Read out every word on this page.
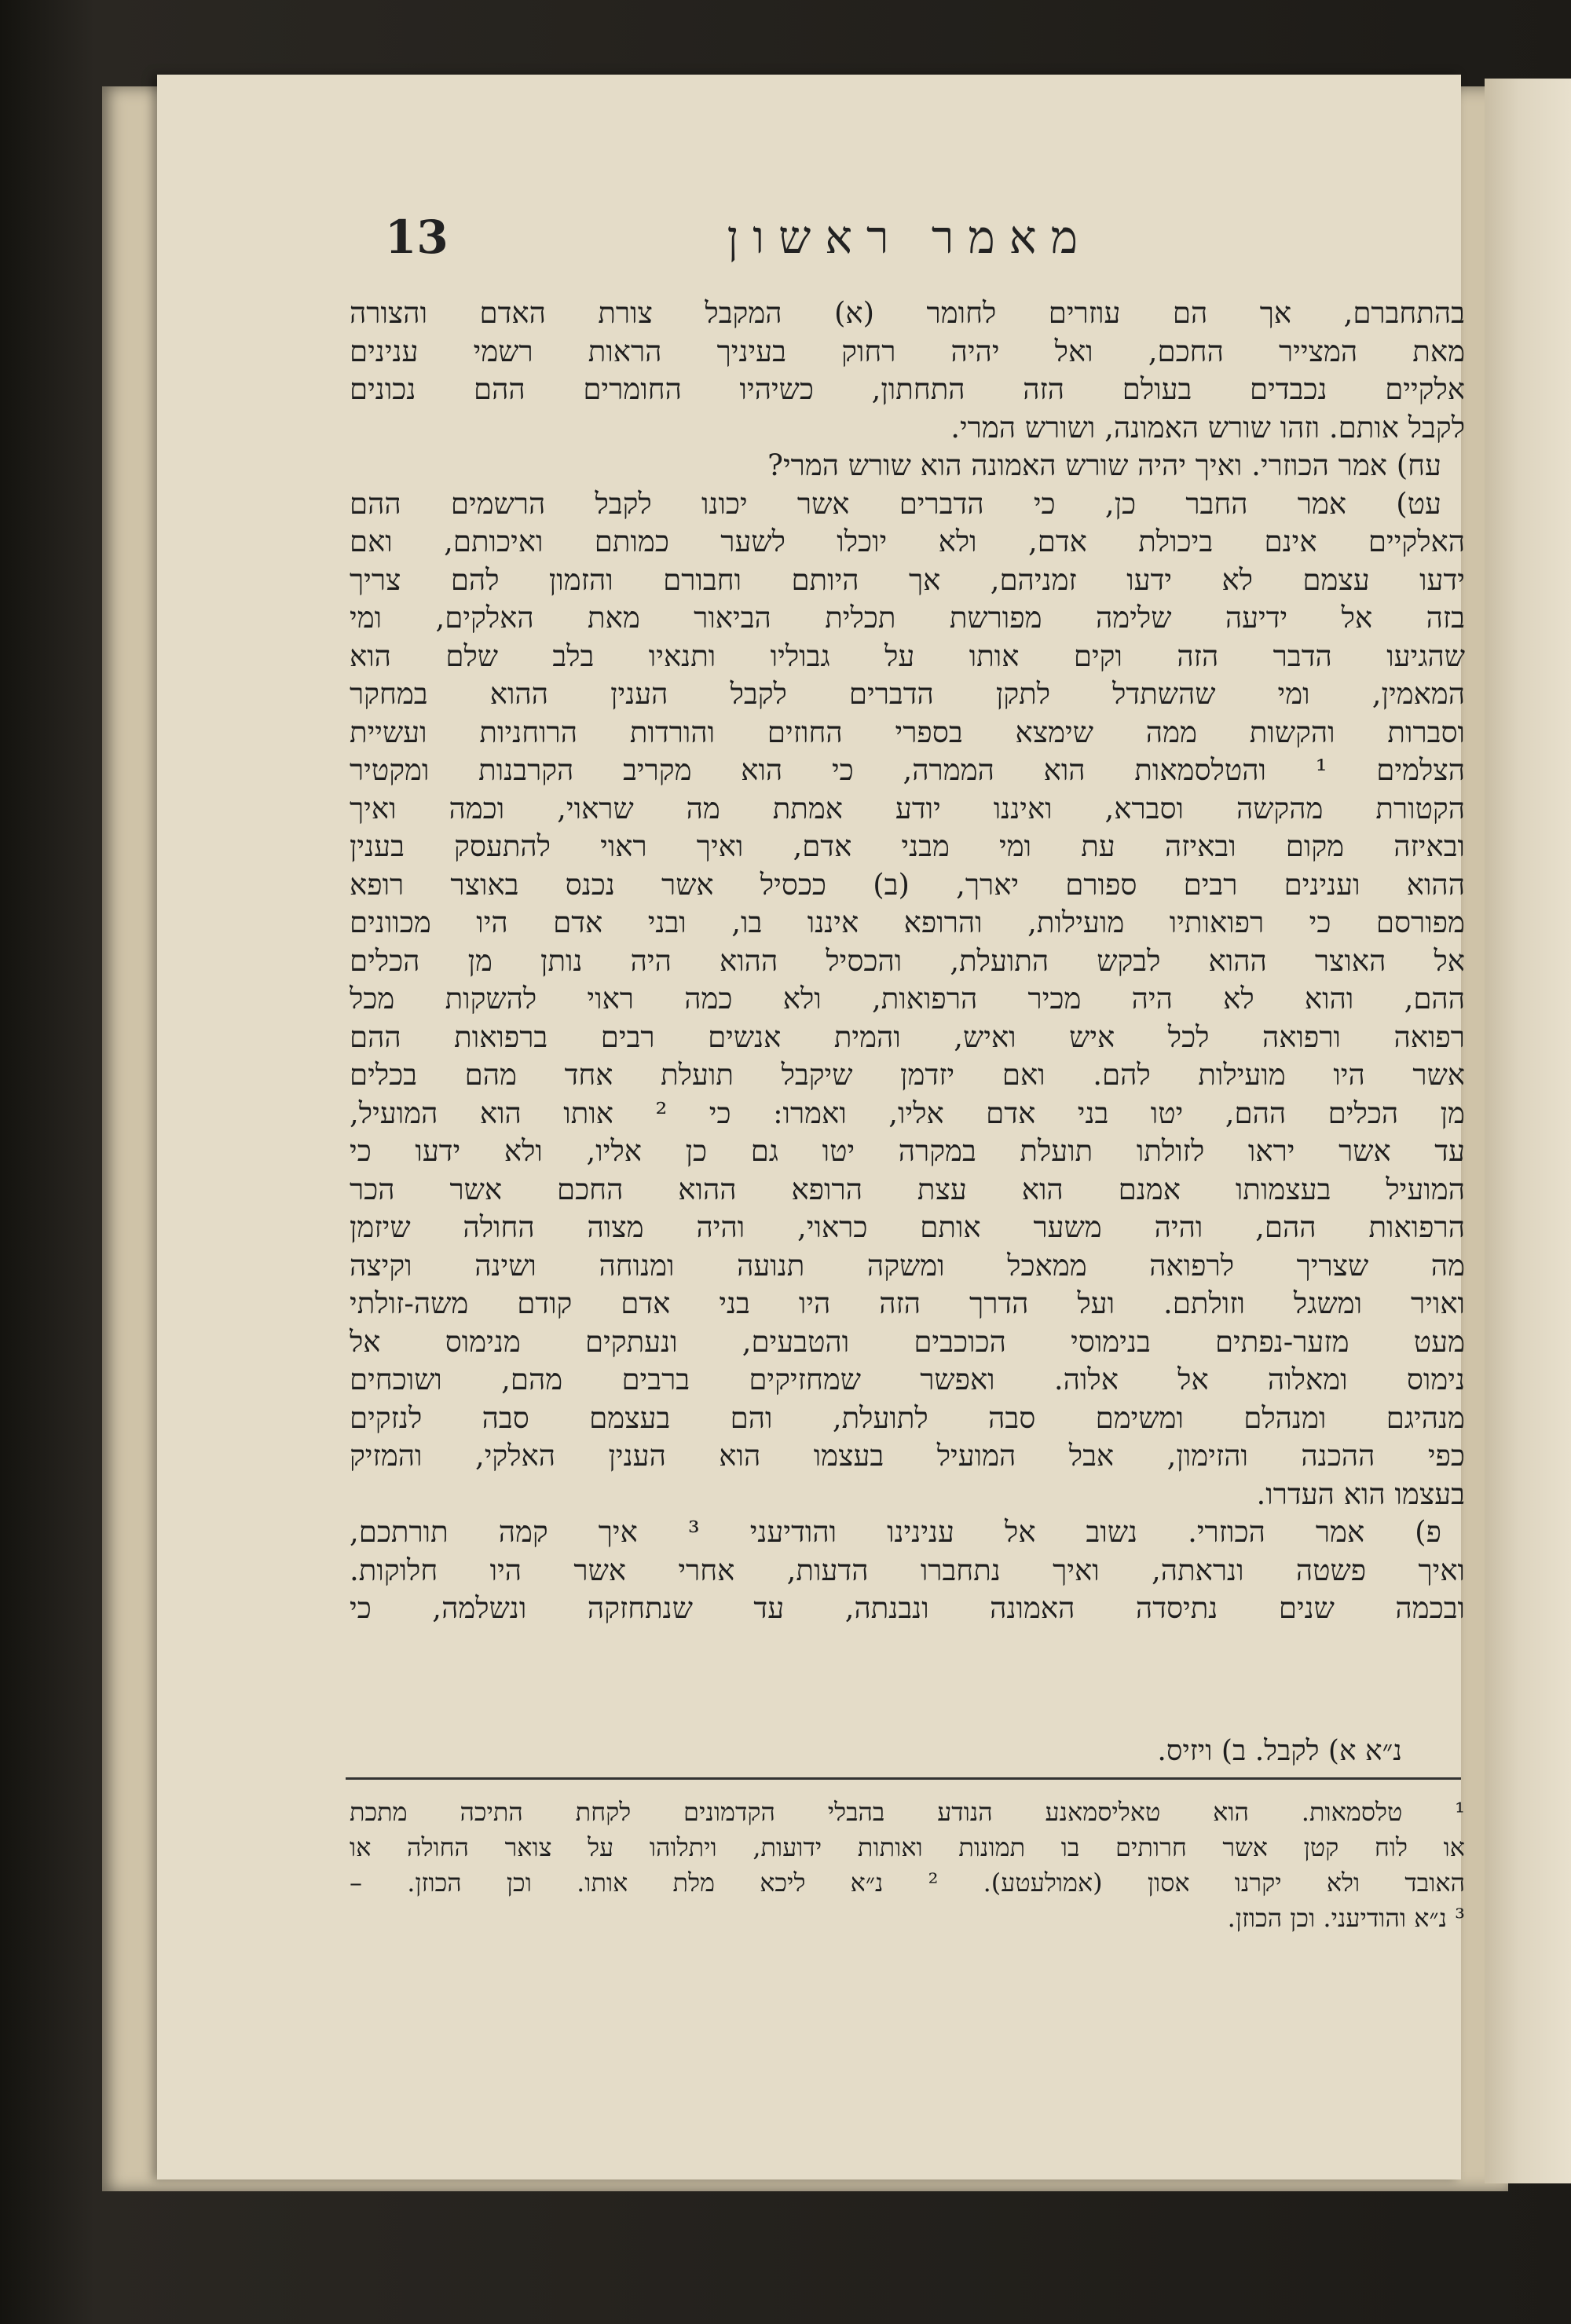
13	מאמר ראשון
בהתחברם, אך הם עוזרים לחומר (א) המקבל צורת האדם והצורה
מאת המצייר החכם, ואל יהיה רחוק בעיניך הראות רשמי ענינים
אלקיים נכבדים בעולם הזה התחתון, כשיהיו החומרים ההם נכונים
לקבל אותם. וזהו שורש האמונה, ושורש המרי.
עח) אמר הכוזרי. ואיך יהיה שורש האמונה הוא שורש המרי?
עט) אמר החבר כן, כי הדברים אשר יכונו לקבל הרשמים ההם
האלקיים אינם ביכולת אדם, ולא יוכלו לשער כמותם ואיכותם, ואם
ידעו עצמם לא ידעו זמניהם, אך היותם וחבורם והזמון להם צריך
בזה אל ידיעה שלימה מפורשת תכלית הביאור מאת האלקים, ומי
שהגיעו הדבר הזה וקים אותו על גבוליו ותנאיו בלב שלם הוא
המאמין, ומי שהשתדל לתקן הדברים לקבל הענין ההוא במחקר
וסברות והקשות ממה שימצא בספרי החוזים והורדות הרוחניות ועשיית
הצלמים ¹ והטלסמאות הוא הממרה, כי הוא מקריב הקרבנות ומקטיר
הקטורת מהקשה וסברא, ואיננו יודע אמתת מה שראוי, וכמה ואיך
ובאיזה מקום ובאיזה עת ומי מבני אדם, ואיך ראוי להתעסק בענין
ההוא וענינים רבים ספורם יארך, (ב) ככסיל אשר נכנס באוצר רופא
מפורסם כי רפואותיו מועילות, והרופא איננו בו, ובני אדם היו מכוונים
אל האוצר ההוא לבקש התועלת, והכסיל ההוא היה נותן מן הכלים
ההם, והוא לא היה מכיר הרפואות, ולא כמה ראוי להשקות מכל
רפואה ורפואה לכל איש ואיש, והמית אנשים רבים ברפואות ההם
אשר היו מועילות להם. ואם יזדמן שיקבל תועלת אחד מהם בכלים
מן הכלים ההם, יטו בני אדם אליו, ואמרו: כי ² אותו הוא המועיל,
עד אשר יראו לזולתו תועלת במקרה יטו גם כן אליו, ולא ידעו כי
המועיל בעצמותו אמנם הוא עצת הרופא ההוא החכם אשר הכר
הרפואות ההם, והיה משער אותם כראוי, והיה מצוה החולה שיזמן
מה שצריך לרפואה ממאכל ומשקה תנועה ומנוחה ושינה וקיצה
ואויר ומשגל וזולתם. ועל הדרך הזה היו בני אדם קודם משה-זולתי
מעט מזער-נפתים בנימוסי הכוכבים והטבעים, ונעתקים מנימוס אל
נימוס ומאלוה אל אלוה. ואפשר שמחזיקים ברבים מהם, ושוכחים
מנהיגם ומנהלם ומשימם סבה לתועלת, והם בעצמם סבה לנזקים
כפי ההכנה והזימון, אבל המועיל בעצמו הוא הענין האלקי, והמזיק
בעצמו הוא העדרו.
פ) אמר הכוזרי. נשוב אל ענינינו והודיעני ³ איך קמה תורתכם,
ואיך פשטה ונראתה, ואיך נתחברו הדעות, אחרי אשר היו חלוקות.
ובכמה שנים נתיסדה האמונה ונבנתה, עד שנתחזקה ונשלמה, כי
נ״א א) לקבל. ב) ויזיס.
¹ טלסמאות. הוא טאליסמאנע הנודע בהבלי הקדמונים לקחת התיכה מתכת
או לוח קטן אשר חרותים בו תמונות ואותות ידועות, ויתלוהו על צואר החולה או
האובד ולא יקרנו אסון (אמולעטע). ² נ״א ליכא מלת אותו. וכן הכוזן. –
³ נ״א והודיעני. וכן הכוזן.
